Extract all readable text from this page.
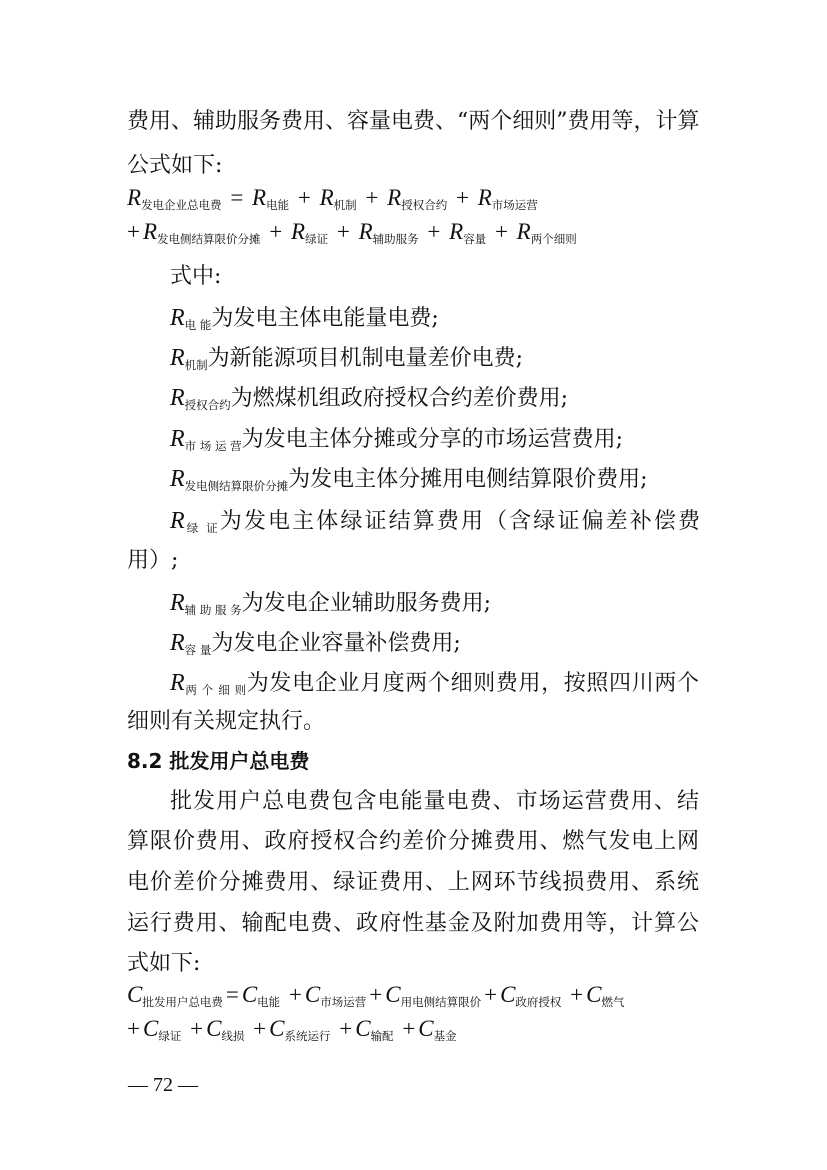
费用、辅助服务费用、容量电费、“两个细则”费用等，计算
公式如下:
$R_{发电企业总电费} = R_{电能} + R_{机制} + R_{授权合约} + R_{市场运营}$
+ $R_{发电侧结算限价分摊} + R_{绿证} + R_{辅助服务} + R_{容量} + R_{两个细则}$
式中:
$R_{电 能}$为发电主体电能量电费;
$R_{机制}$为新能源项目机制电量差价电费;
$R_{授权合约}$为燃煤机组政府授权合约差价费用;
$R_{市 场 运 营}$为发电主体分摊或分享的市场运营费用;
$R_{发电侧结算限价分摊}$为发电主体分摊用电侧结算限价费用;
$R_{绿 证}$为发电主体绿证结算费用（含绿证偏差补偿费
用）;
$R_{辅 助 服 务}$为发电企业辅助服务费用;
$R_{容 量}$为发电企业容量补偿费用;
$R_{两 个 细 则}$为发电企业月度两个细则费用，按照四川两个
细则有关规定执行。
8.2 批发用户总电费
批发用户总电费包含电能量电费、市场运营费用、结
算限价费用、政府授权合约差价分摊费用、燃气发电上网
电价差价分摊费用、绿证费用、上网环节线损费用、系统
运行费用、输配电费、政府性基金及附加费用等，计算公
式如下:
$C_{批发用户总电费} = C_{电能} + C_{市场运营} + C_{用电侧结算限价} + C_{政府授权} + C_{燃气}$
+ $C_{绿证} + C_{线损} + C_{系统运行} + C_{输配} + C_{基金}$
— 72 —
